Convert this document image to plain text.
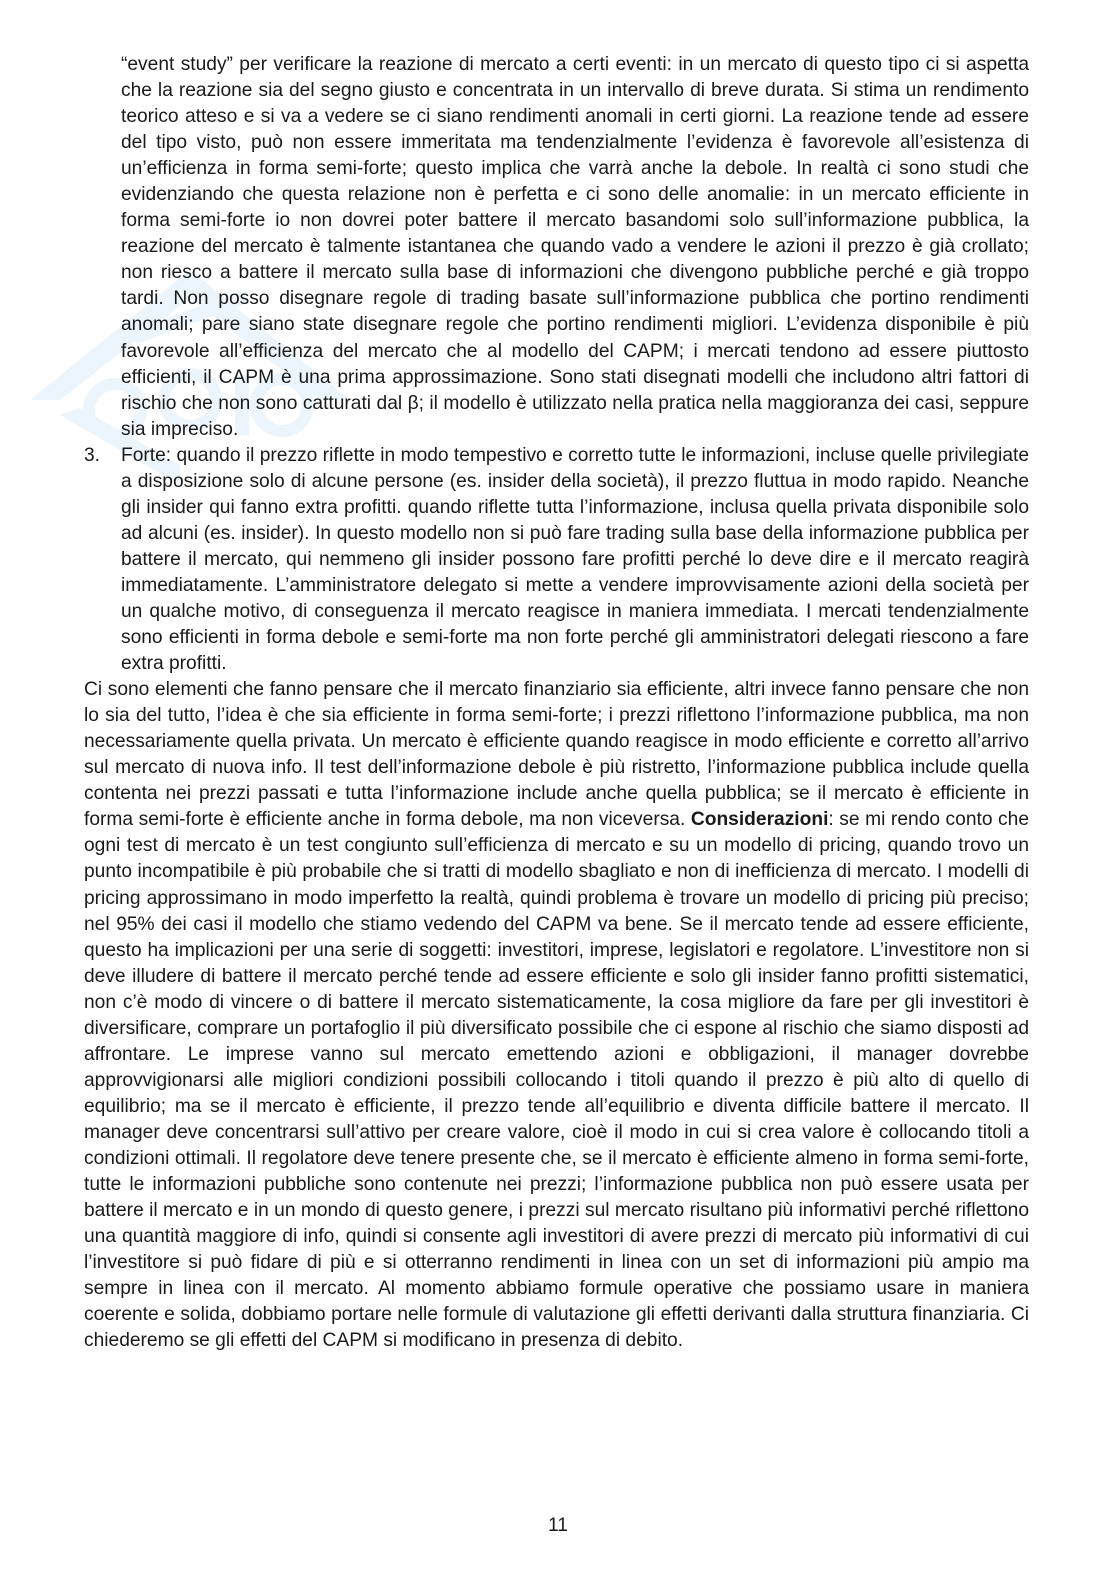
“event study” per verificare la reazione di mercato a certi eventi: in un mercato di questo tipo ci si aspetta che la reazione sia del segno giusto e concentrata in un intervallo di breve durata. Si stima un rendimento teorico atteso e si va a vedere se ci siano rendimenti anomali in certi giorni. La reazione tende ad essere del tipo visto, può non essere immeritata ma tendenzialmente l’evidenza è favorevole all’esistenza di un’efficienza in forma semi-forte; questo implica che varrà anche la debole. In realtà ci sono studi che evidenziando che questa relazione non è perfetta e ci sono delle anomalie: in un mercato efficiente in forma semi-forte io non dovrei poter battere il mercato basandomi solo sull’informazione pubblica, la reazione del mercato è talmente istantanea che quando vado a vendere le azioni il prezzo è già crollato; non riesco a battere il mercato sulla base di informazioni che divengono pubbliche perché e già troppo tardi. Non posso disegnare regole di trading basate sull’informazione pubblica che portino rendimenti anomali; pare siano state disegnare regole che portino rendimenti migliori. L’evidenza disponibile è più favorevole all’efficienza del mercato che al modello del CAPM; i mercati tendono ad essere piuttosto efficienti, il CAPM è una prima approssimazione. Sono stati disegnati modelli che includono altri fattori di rischio che non sono catturati dal β; il modello è utilizzato nella pratica nella maggioranza dei casi, seppure sia impreciso.

3. Forte: quando il prezzo riflette in modo tempestivo e corretto tutte le informazioni, incluse quelle privilegiate a disposizione solo di alcune persone (es. insider della società), il prezzo fluttua in modo rapido. Neanche gli insider qui fanno extra profitti. quando riflette tutta l’informazione, inclusa quella privata disponibile solo ad alcuni (es. insider). In questo modello non si può fare trading sulla base della informazione pubblica per battere il mercato, qui nemmeno gli insider possono fare profitti perché lo deve dire e il mercato reagirà immediatamente. L’amministratore delegato si mette a vendere improvvisamente azioni della società per un qualche motivo, di conseguenza il mercato reagisce in maniera immediata. I mercati tendenzialmente sono efficienti in forma debole e semi-forte ma non forte perché gli amministratori delegati riescono a fare extra profitti.

Ci sono elementi che fanno pensare che il mercato finanziario sia efficiente, altri invece fanno pensare che non lo sia del tutto, l’idea è che sia efficiente in forma semi-forte; i prezzi riflettono l’informazione pubblica, ma non necessariamente quella privata. Un mercato è efficiente quando reagisce in modo efficiente e corretto all’arrivo sul mercato di nuova info. Il test dell’informazione debole è più ristretto, l’informazione pubblica include quella contenta nei prezzi passati e tutta l’informazione include anche quella pubblica; se il mercato è efficiente in forma semi-forte è efficiente anche in forma debole, ma non viceversa. Considerazioni: se mi rendo conto che ogni test di mercato è un test congiunto sull’efficienza di mercato e su un modello di pricing, quando trovo un punto incompatibile è più probabile che si tratti di modello sbagliato e non di inefficienza di mercato. I modelli di pricing approssimano in modo imperfetto la realtà, quindi problema è trovare un modello di pricing più preciso; nel 95% dei casi il modello che stiamo vedendo del CAPM va bene. Se il mercato tende ad essere efficiente, questo ha implicazioni per una serie di soggetti: investitori, imprese, legislatori e regolatore. L’investitore non si deve illudere di battere il mercato perché tende ad essere efficiente e solo gli insider fanno profitti sistematici, non c’è modo di vincere o di battere il mercato sistematicamente, la cosa migliore da fare per gli investitori è diversificare, comprare un portafoglio il più diversificato possibile che ci espone al rischio che siamo disposti ad affrontare. Le imprese vanno sul mercato emettendo azioni e obbligazioni, il manager dovrebbe approvvigionarsi alle migliori condizioni possibili collocando i titoli quando il prezzo è più alto di quello di equilibrio; ma se il mercato è efficiente, il prezzo tende all’equilibrio e diventa difficile battere il mercato. Il manager deve concentrarsi sull’attivo per creare valore, cioè il modo in cui si crea valore è collocando titoli a condizioni ottimali. Il regolatore deve tenere presente che, se il mercato è efficiente almeno in forma semi-forte, tutte le informazioni pubbliche sono contenute nei prezzi; l’informazione pubblica non può essere usata per battere il mercato e in un mondo di questo genere, i prezzi sul mercato risultano più informativi perché riflettono una quantità maggiore di info, quindi si consente agli investitori di avere prezzi di mercato più informativi di cui l’investitore si può fidare di più e si otterranno rendimenti in linea con un set di informazioni più ampio ma sempre in linea con il mercato. Al momento abbiamo formule operative che possiamo usare in maniera coerente e solida, dobbiamo portare nelle formule di valutazione gli effetti derivanti dalla struttura finanziaria. Ci chiederemo se gli effetti del CAPM si modificano in presenza di debito.

11
